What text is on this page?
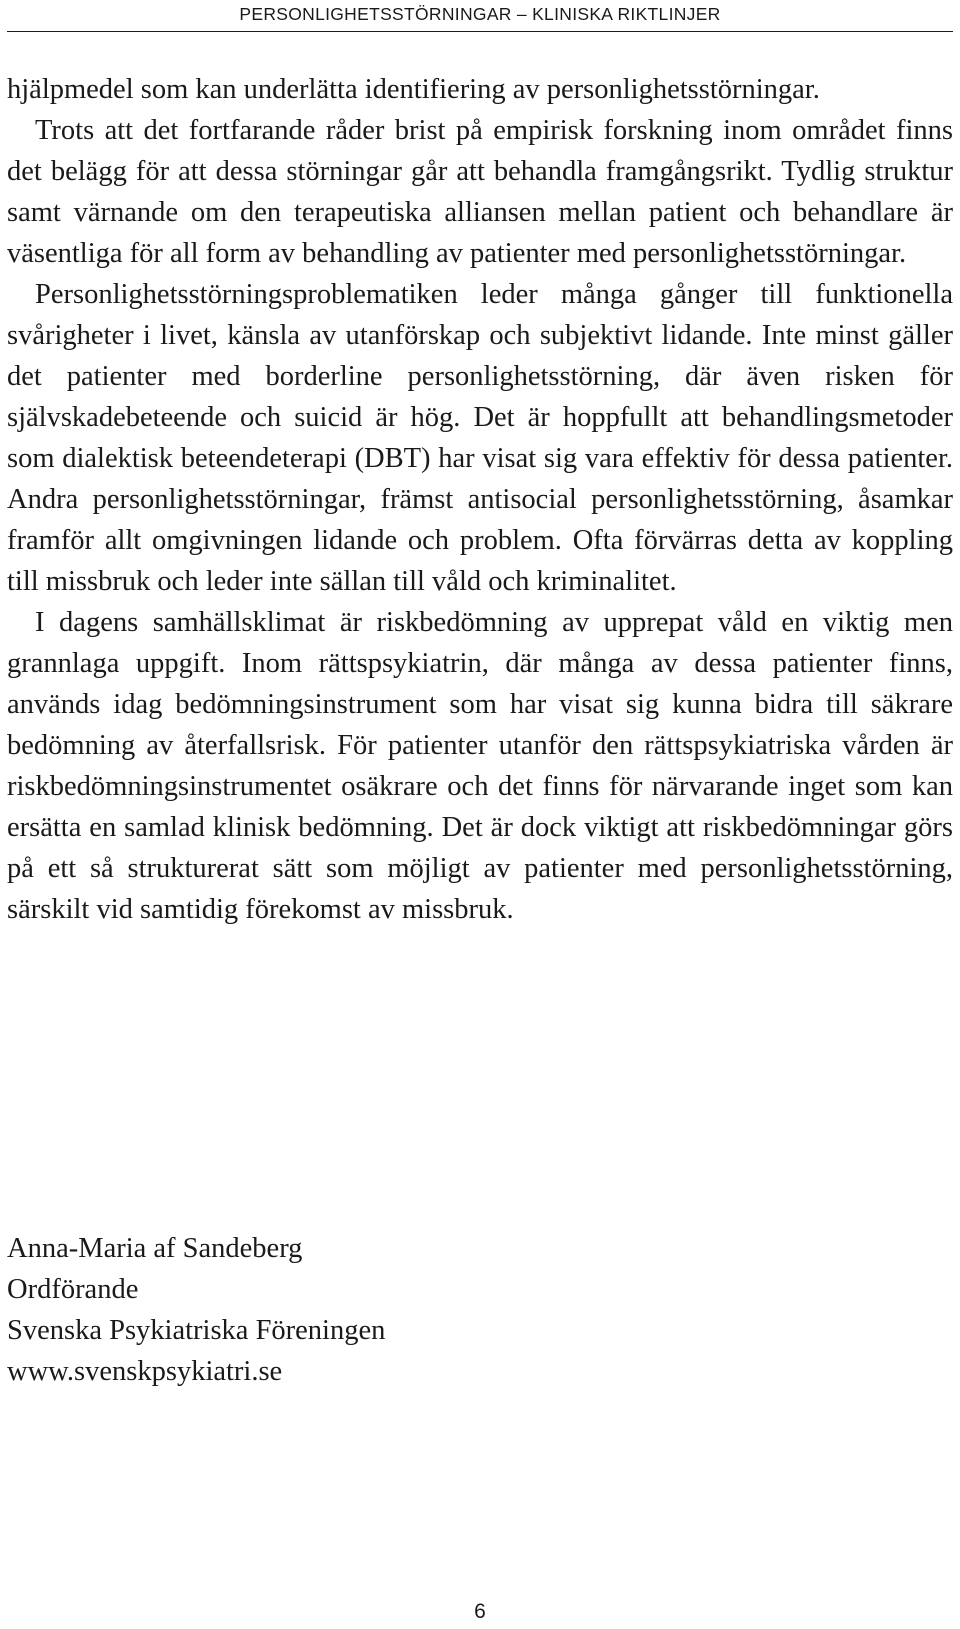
PERSONLIGHETSSTÖRNINGAR – KLINISKA RIKTLINJER

hjälpmedel som kan underlätta identifiering av personlighetsstörningar.

Trots att det fortfarande råder brist på empirisk forskning inom området finns det belägg för att dessa störningar går att behandla framgångsrikt. Tydlig struktur samt värnande om den terapeutiska alliansen mellan patient och behandlare är väsentliga för all form av behandling av patienter med personlighetsstörningar.

Personlighetsstörningsproblematiken leder många gånger till funktionella svårigheter i livet, känsla av utanförskap och subjektivt lidande. Inte minst gäller det patienter med borderline personlighetsstörning, där även risken för självskadebeteende och suicid är hög. Det är hoppfullt att behandlingsmetoder som dialektisk beteendeterapi (DBT) har visat sig vara effektiv för dessa patienter. Andra personlighetsstörningar, främst antisocial personlighetsstörning, åsamkar framför allt omgivningen lidande och problem. Ofta förvärras detta av koppling till missbruk och leder inte sällan till våld och kriminalitet.

I dagens samhällsklimat är riskbedömning av upprepat våld en viktig men grannlaga uppgift. Inom rättspsykiatrin, där många av dessa patienter finns, används idag bedömningsinstrument som har visat sig kunna bidra till säkrare bedömning av återfallsrisk. För patienter utanför den rättspsykiatriska vården är riskbedömningsinstrumentet osäkrare och det finns för närvarande inget som kan ersätta en samlad klinisk bedömning. Det är dock viktigt att riskbedömningar görs på ett så strukturerat sätt som möjligt av patienter med personlighetsstörning, särskilt vid samtidig förekomst av missbruk.

Anna-Maria af Sandeberg
Ordförande
Svenska Psykiatriska Föreningen
www.svenskpsykiatri.se
6
